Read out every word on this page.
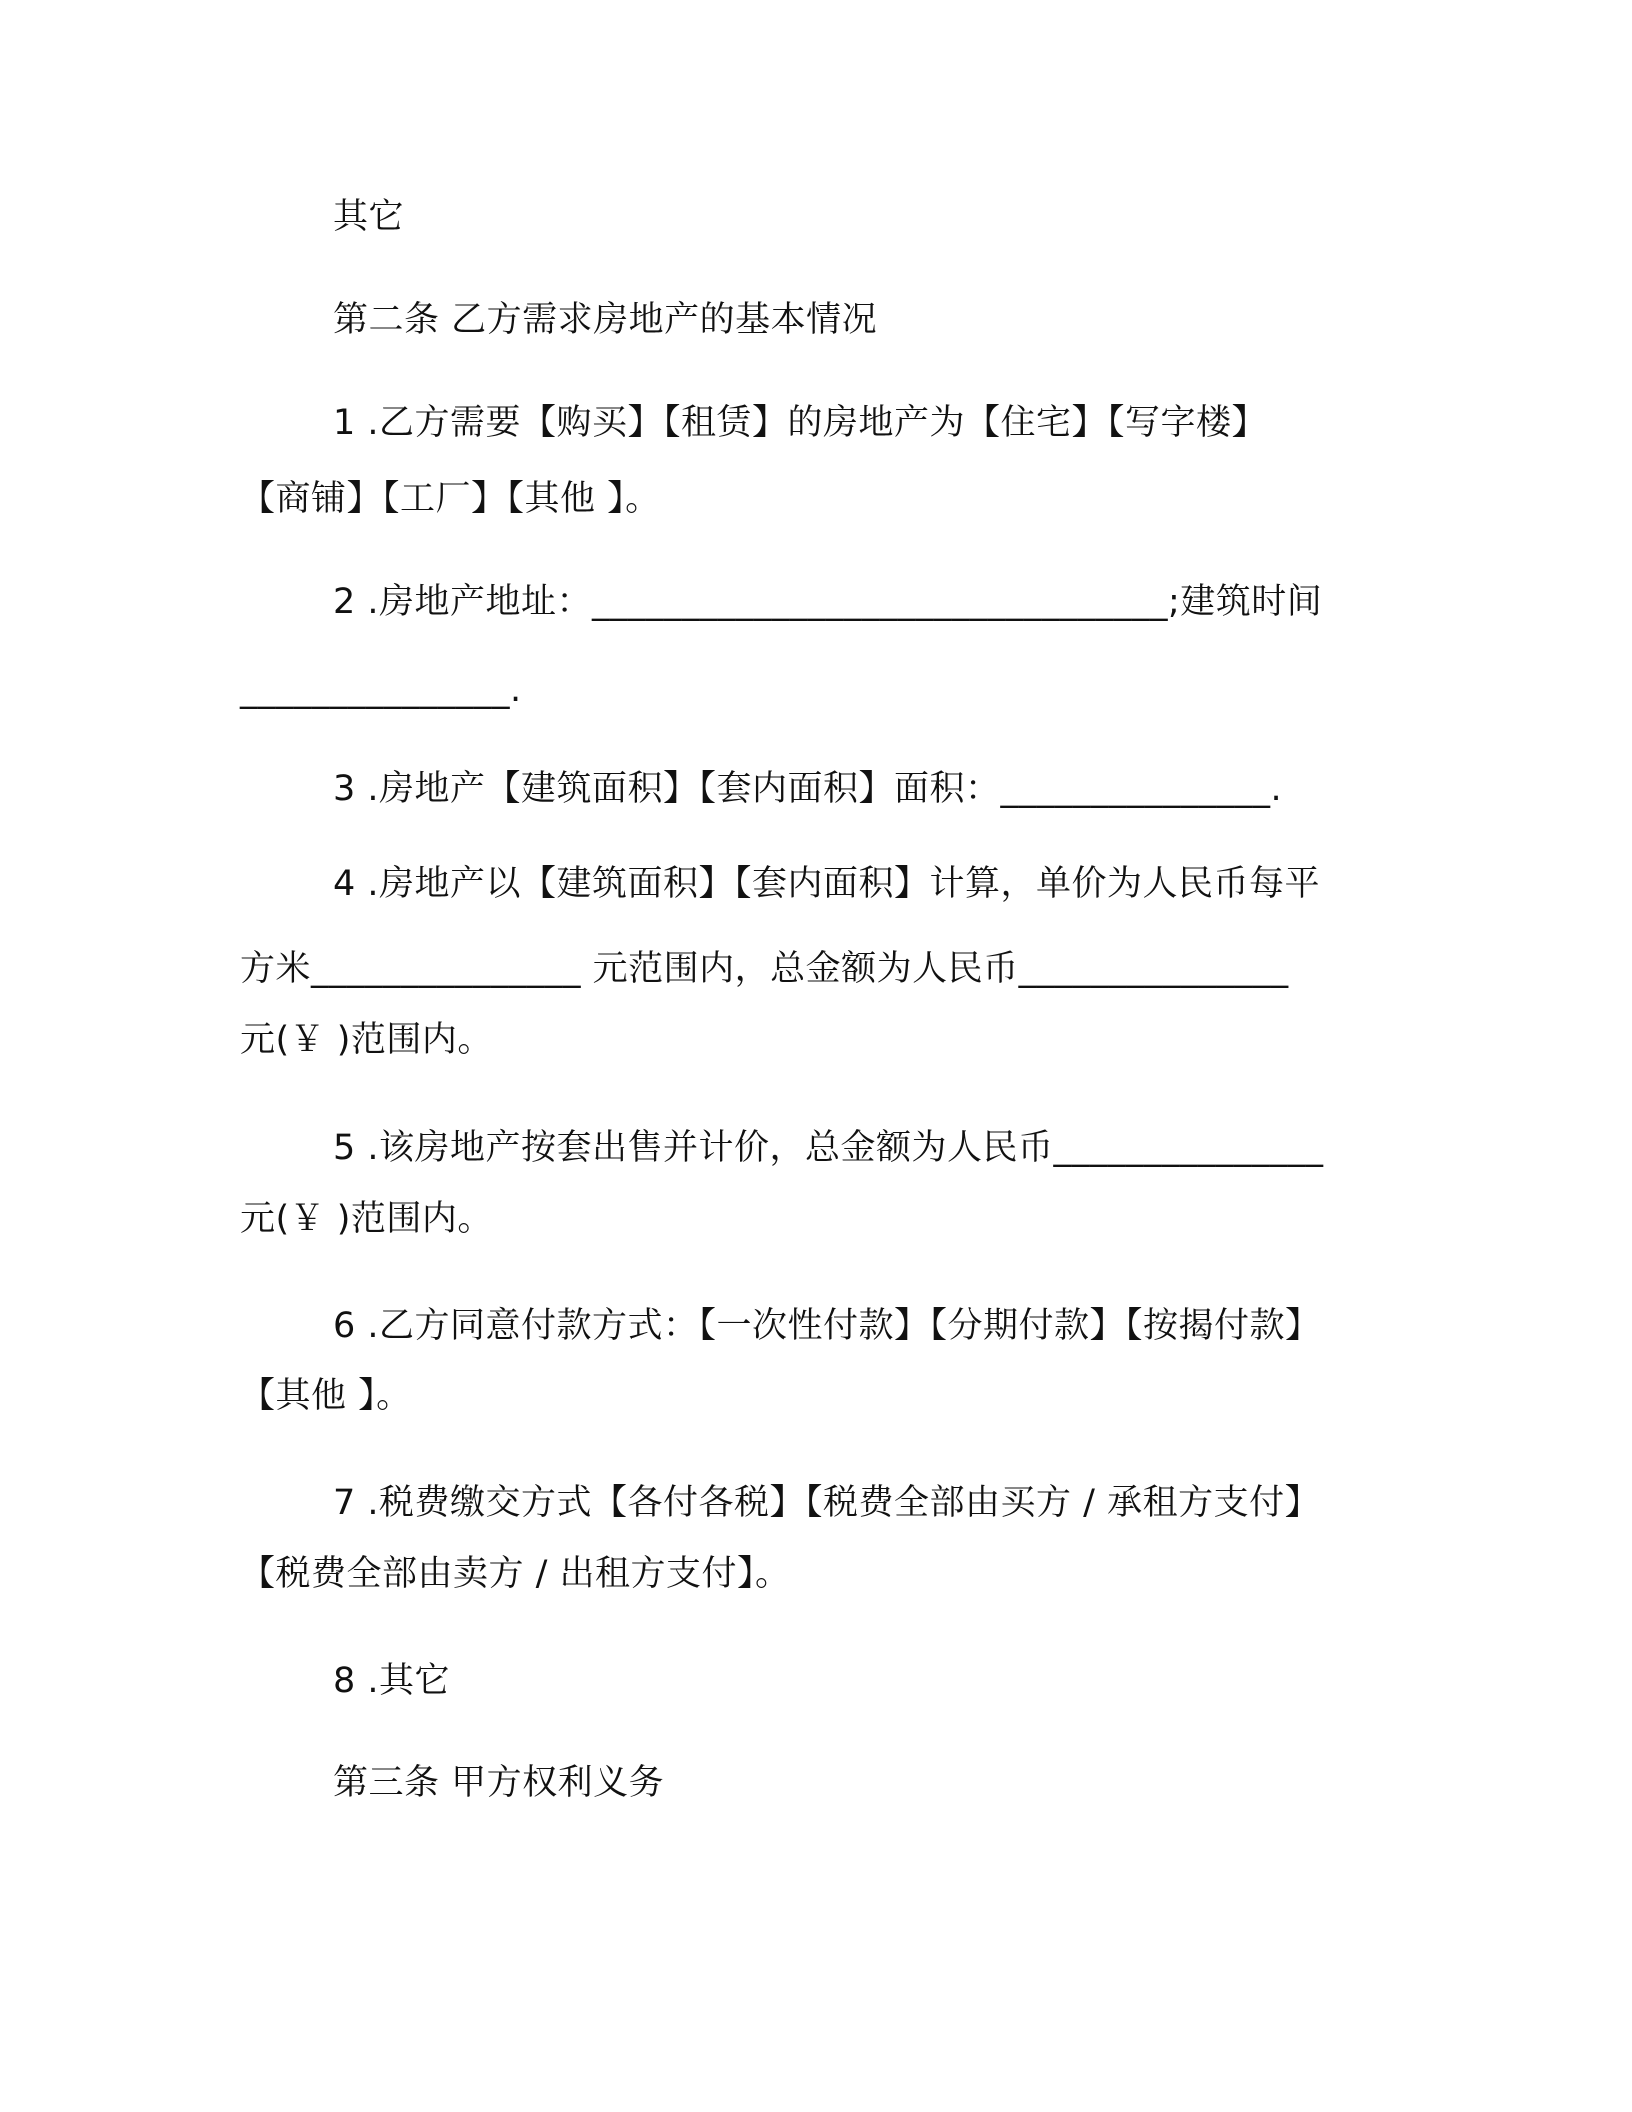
其它
第二条 乙方需求房地产的基本情况
1 .乙方需要【购买】【租赁】的房地产为【住宅】【写字楼】
【商铺】【工厂】【其他 】。
2 .房地产地址：________________________________;建筑时间
_______________.
3 .房地产【建筑面积】【套内面积】面积：_______________.
4 .房地产以【建筑面积】【套内面积】计算，单价为人民币每平
方米_______________ 元范围内，总金额为人民币_______________
元(￥ )范围内。
5 .该房地产按套出售并计价，总金额为人民币_______________
元(￥ )范围内。
6 .乙方同意付款方式：【一次性付款】【分期付款】【按揭付款】
【其他 】。
7 .税费缴交方式【各付各税】【税费全部由买方 / 承租方支付】
【税费全部由卖方 / 出租方支付】。
8 .其它
第三条 甲方权利义务
